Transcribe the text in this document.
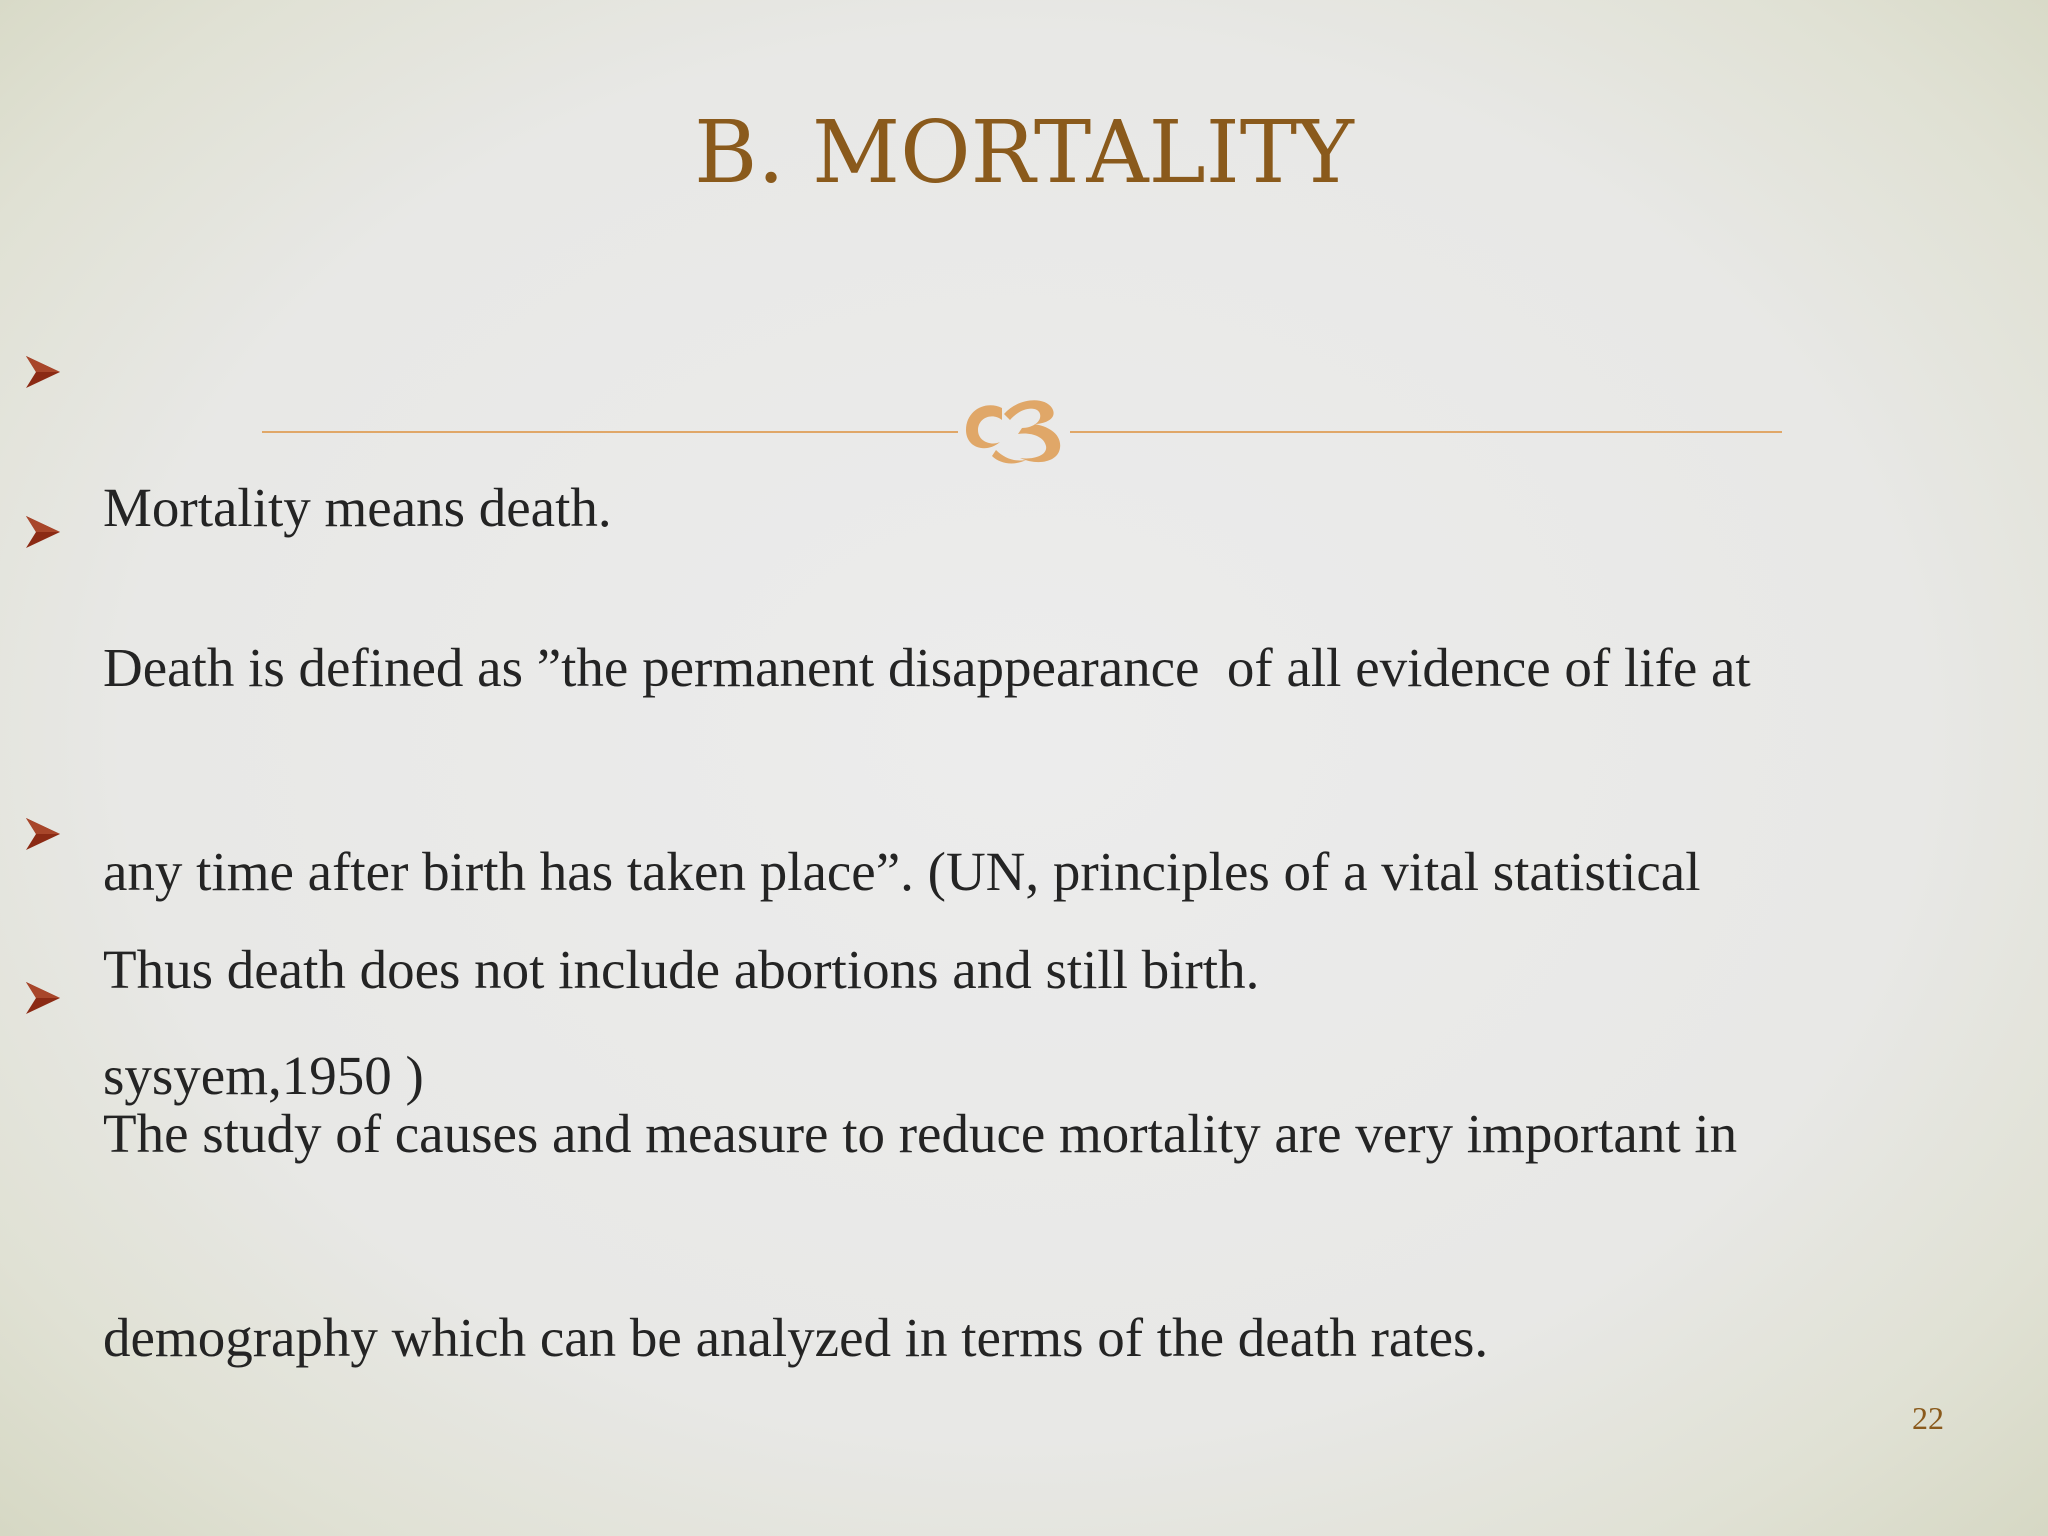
B. MORTALITY

Mortality means death.

Death is defined as ”the permanent disappearance  of all evidence of life at

any time after birth has taken place”. (UN, principles of a vital statistical

sysyem,1950 )

Thus death does not include abortions and still birth.

The study of causes and measure to reduce mortality are very important in

demography which can be analyzed in terms of the death rates.

22
